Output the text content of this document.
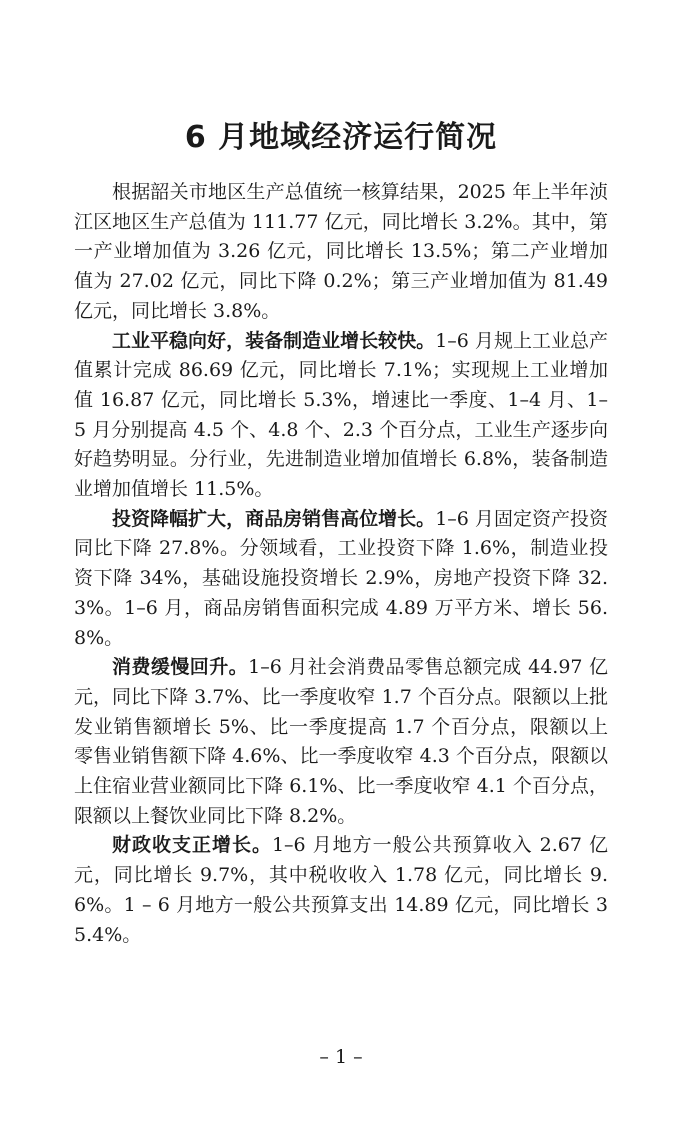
6 月地域经济运行简况

根据韶关市地区生产总值统一核算结果，2025 年上半年浈江区地区生产总值为 111.77 亿元，同比增长 3.2%。其中，第一产业增加值为 3.26 亿元，同比增长 13.5%；第二产业增加值为 27.02 亿元，同比下降 0.2%；第三产业增加值为 81.49 亿元，同比增长 3.8%。

工业平稳向好，装备制造业增长较快。1–6 月规上工业总产值累计完成 86.69 亿元，同比增长 7.1%；实现规上工业增加值 16.87 亿元，同比增长 5.3%，增速比一季度、1–4 月、1–5 月分别提高 4.5 个、4.8 个、2.3 个百分点，工业生产逐步向好趋势明显。分行业，先进制造业增加值增长 6.8%，装备制造业增加值增长 11.5%。

投资降幅扩大，商品房销售高位增长。1–6 月固定资产投资同比下降 27.8%。分领域看，工业投资下降 1.6%，制造业投资下降 34%，基础设施投资增长 2.9%，房地产投资下降 32.3%。1–6 月，商品房销售面积完成 4.89 万平方米、增长 56.8%。

消费缓慢回升。1–6 月社会消费品零售总额完成 44.97 亿元，同比下降 3.7%、比一季度收窄 1.7 个百分点。限额以上批发业销售额增长 5%、比一季度提高 1.7 个百分点，限额以上零售业销售额下降 4.6%、比一季度收窄 4.3 个百分点，限额以上住宿业营业额同比下降 6.1%、比一季度收窄 4.1 个百分点，限额以上餐饮业同比下降 8.2%。

财政收支正增长。1–6 月地方一般公共预算收入 2.67 亿元，同比增长 9.7%，其中税收收入 1.78 亿元，同比增长 9.6%。1 – 6 月地方一般公共预算支出 14.89 亿元，同比增长 35.4%。

– 1 –
